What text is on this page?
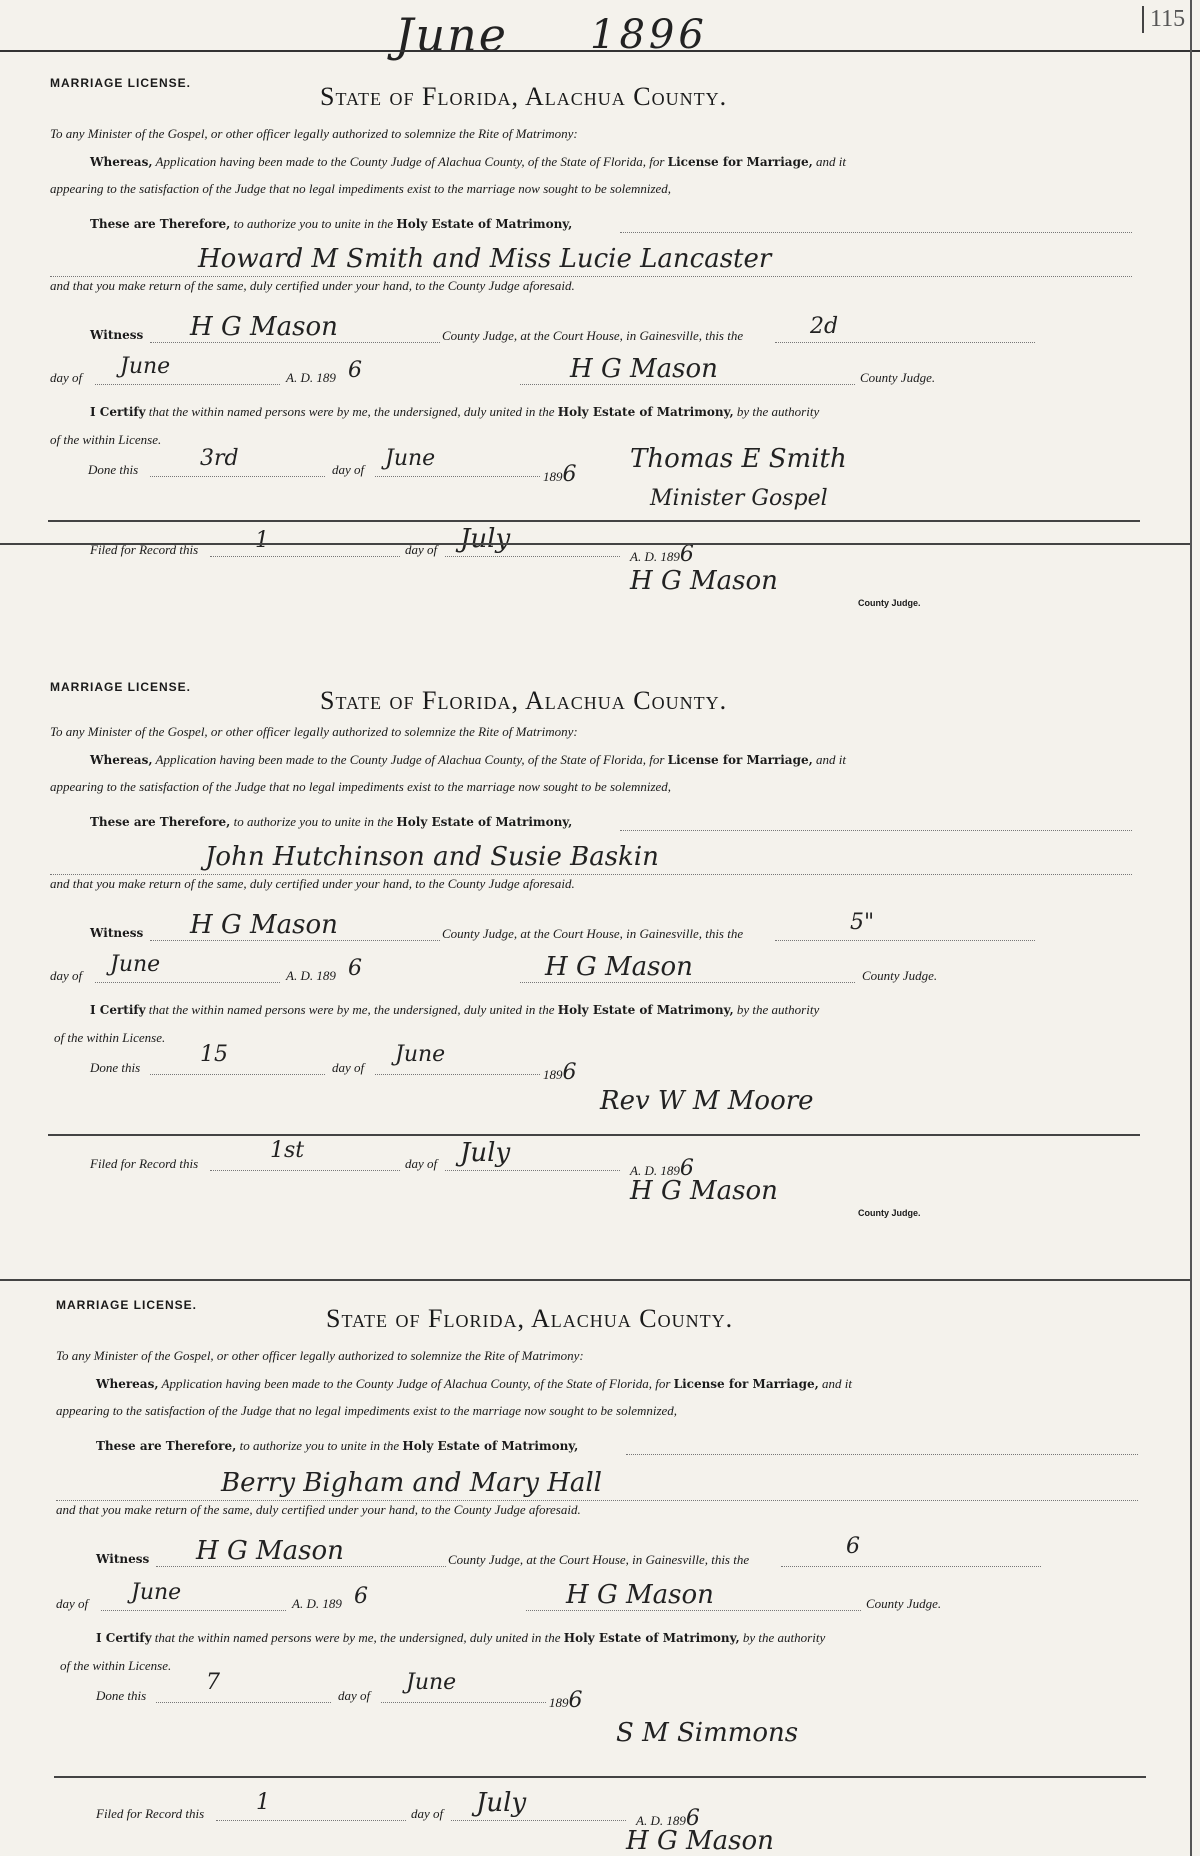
June 1896	115
MARRIAGE LICENSE.	State of Florida, Alachua County.
To any Minister of the Gospel, or other officer legally authorized to solemnize the Rite of Matrimony:
Whereas, Application having been made to the County Judge of Alachua County, of the State of Florida, for License for Marriage, and it
appearing to the satisfaction of the Judge that no legal impediments exist to the marriage now sought to be solemnized,
These are Therefore, to authorize you to unite in the Holy Estate of Matrimony,
Howard M Smith and Miss Lucie Lancaster
and that you make return of the same, duly certified under your hand, to the County Judge aforesaid.
Witness H G Mason	County Judge, at the Court House, in Gainesville, this the	2d
day of June	A. D. 189 6	H G Mason	County Judge.
I Certify that the within named persons were by me, the undersigned, duly united in the Holy Estate of Matrimony, by the authority
of the within License.
Done this	3rd	day of June
1896
Thomas E Smith
Minister Gospel
Filed for Record this	1	day of July
A. D. 1896
H G Mason
County Judge.
MARRIAGE LICENSE.	State of Florida, Alachua County.
To any Minister of the Gospel, or other officer legally authorized to solemnize the Rite of Matrimony:
Whereas, Application having been made to the County Judge of Alachua County, of the State of Florida, for License for Marriage, and it
appearing to the satisfaction of the Judge that no legal impediments exist to the marriage now sought to be solemnized,
These are Therefore, to authorize you to unite in the Holy Estate of Matrimony,
John Hutchinson and Susie Baskin
and that you make return of the same, duly certified under your hand, to the County Judge aforesaid.
Witness H G Mason	County Judge, at the Court House, in Gainesville, this the	5"
day of June	A. D. 189 6	H G Mason	County Judge.
I Certify that the within named persons were by me, the undersigned, duly united in the Holy Estate of Matrimony, by the authority
of the within License.
Done this
15
day of
June
1896
Rev W M Moore
Filed for Record this
1st
day of July
A. D. 1896
H G Mason
County Judge.
MARRIAGE LICENSE.	State of Florida, Alachua County.
To any Minister of the Gospel, or other officer legally authorized to solemnize the Rite of Matrimony:
Whereas, Application having been made to the County Judge of Alachua County, of the State of Florida, for License for Marriage, and it
appearing to the satisfaction of the Judge that no legal impediments exist to the marriage now sought to be solemnized,
These are Therefore, to authorize you to unite in the Holy Estate of Matrimony,
Berry Bigham and Mary Hall
and that you make return of the same, duly certified under your hand, to the County Judge aforesaid.
Witness H G Mason	County Judge, at the Court House, in Gainesville, this the
6
day of June	A. D. 189 6	H G Mason	County Judge.
I Certify that the within named persons were by me, the undersigned, duly united in the Holy Estate of Matrimony, by the authority
of the within License.
Done this
7
day of
June
1896
S M Simmons
Filed for Record this 1	day of July
A. D. 1896
H G Mason
